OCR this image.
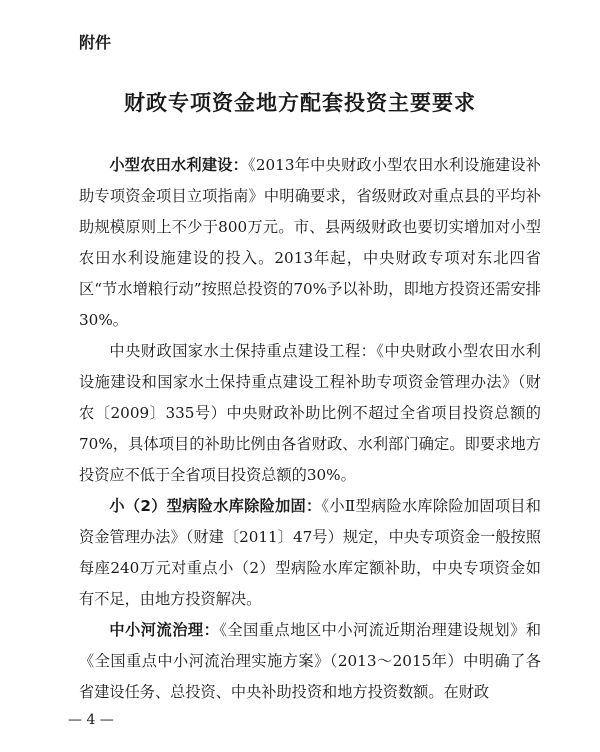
附件
财政专项资金地方配套投资主要要求

小型农田水利建设：《2013年中央财政小型农田水利设施建设补助专项资金项目立项指南》中明确要求，省级财政对重点县的平均补助规模原则上不少于800万元。市、县两级财政也要切实增加对小型农田水利设施建设的投入。2013年起，中央财政专项对东北四省区“节水增粮行动”按照总投资的70%予以补助，即地方投资还需安排30%。

中央财政国家水土保持重点建设工程：《中央财政小型农田水利设施建设和国家水土保持重点建设工程补助专项资金管理办法》（财农〔2009〕335号）中央财政补助比例不超过全省项目投资总额的70%，具体项目的补助比例由各省财政、水利部门确定。即要求地方投资应不低于全省项目投资总额的30%。

小（2）型病险水库除险加固：《小Ⅱ型病险水库除险加固项目和资金管理办法》（财建〔2011〕47号）规定，中央专项资金一般按照每座240万元对重点小（2）型病险水库定额补助，中央专项资金如有不足，由地方投资解决。

中小河流治理：《全国重点地区中小河流近期治理建设规划》和《全国重点中小河流治理实施方案》（2013～2015年）中明确了各省建设任务、总投资、中央补助投资和地方投资数额。在财政

— 4 —
